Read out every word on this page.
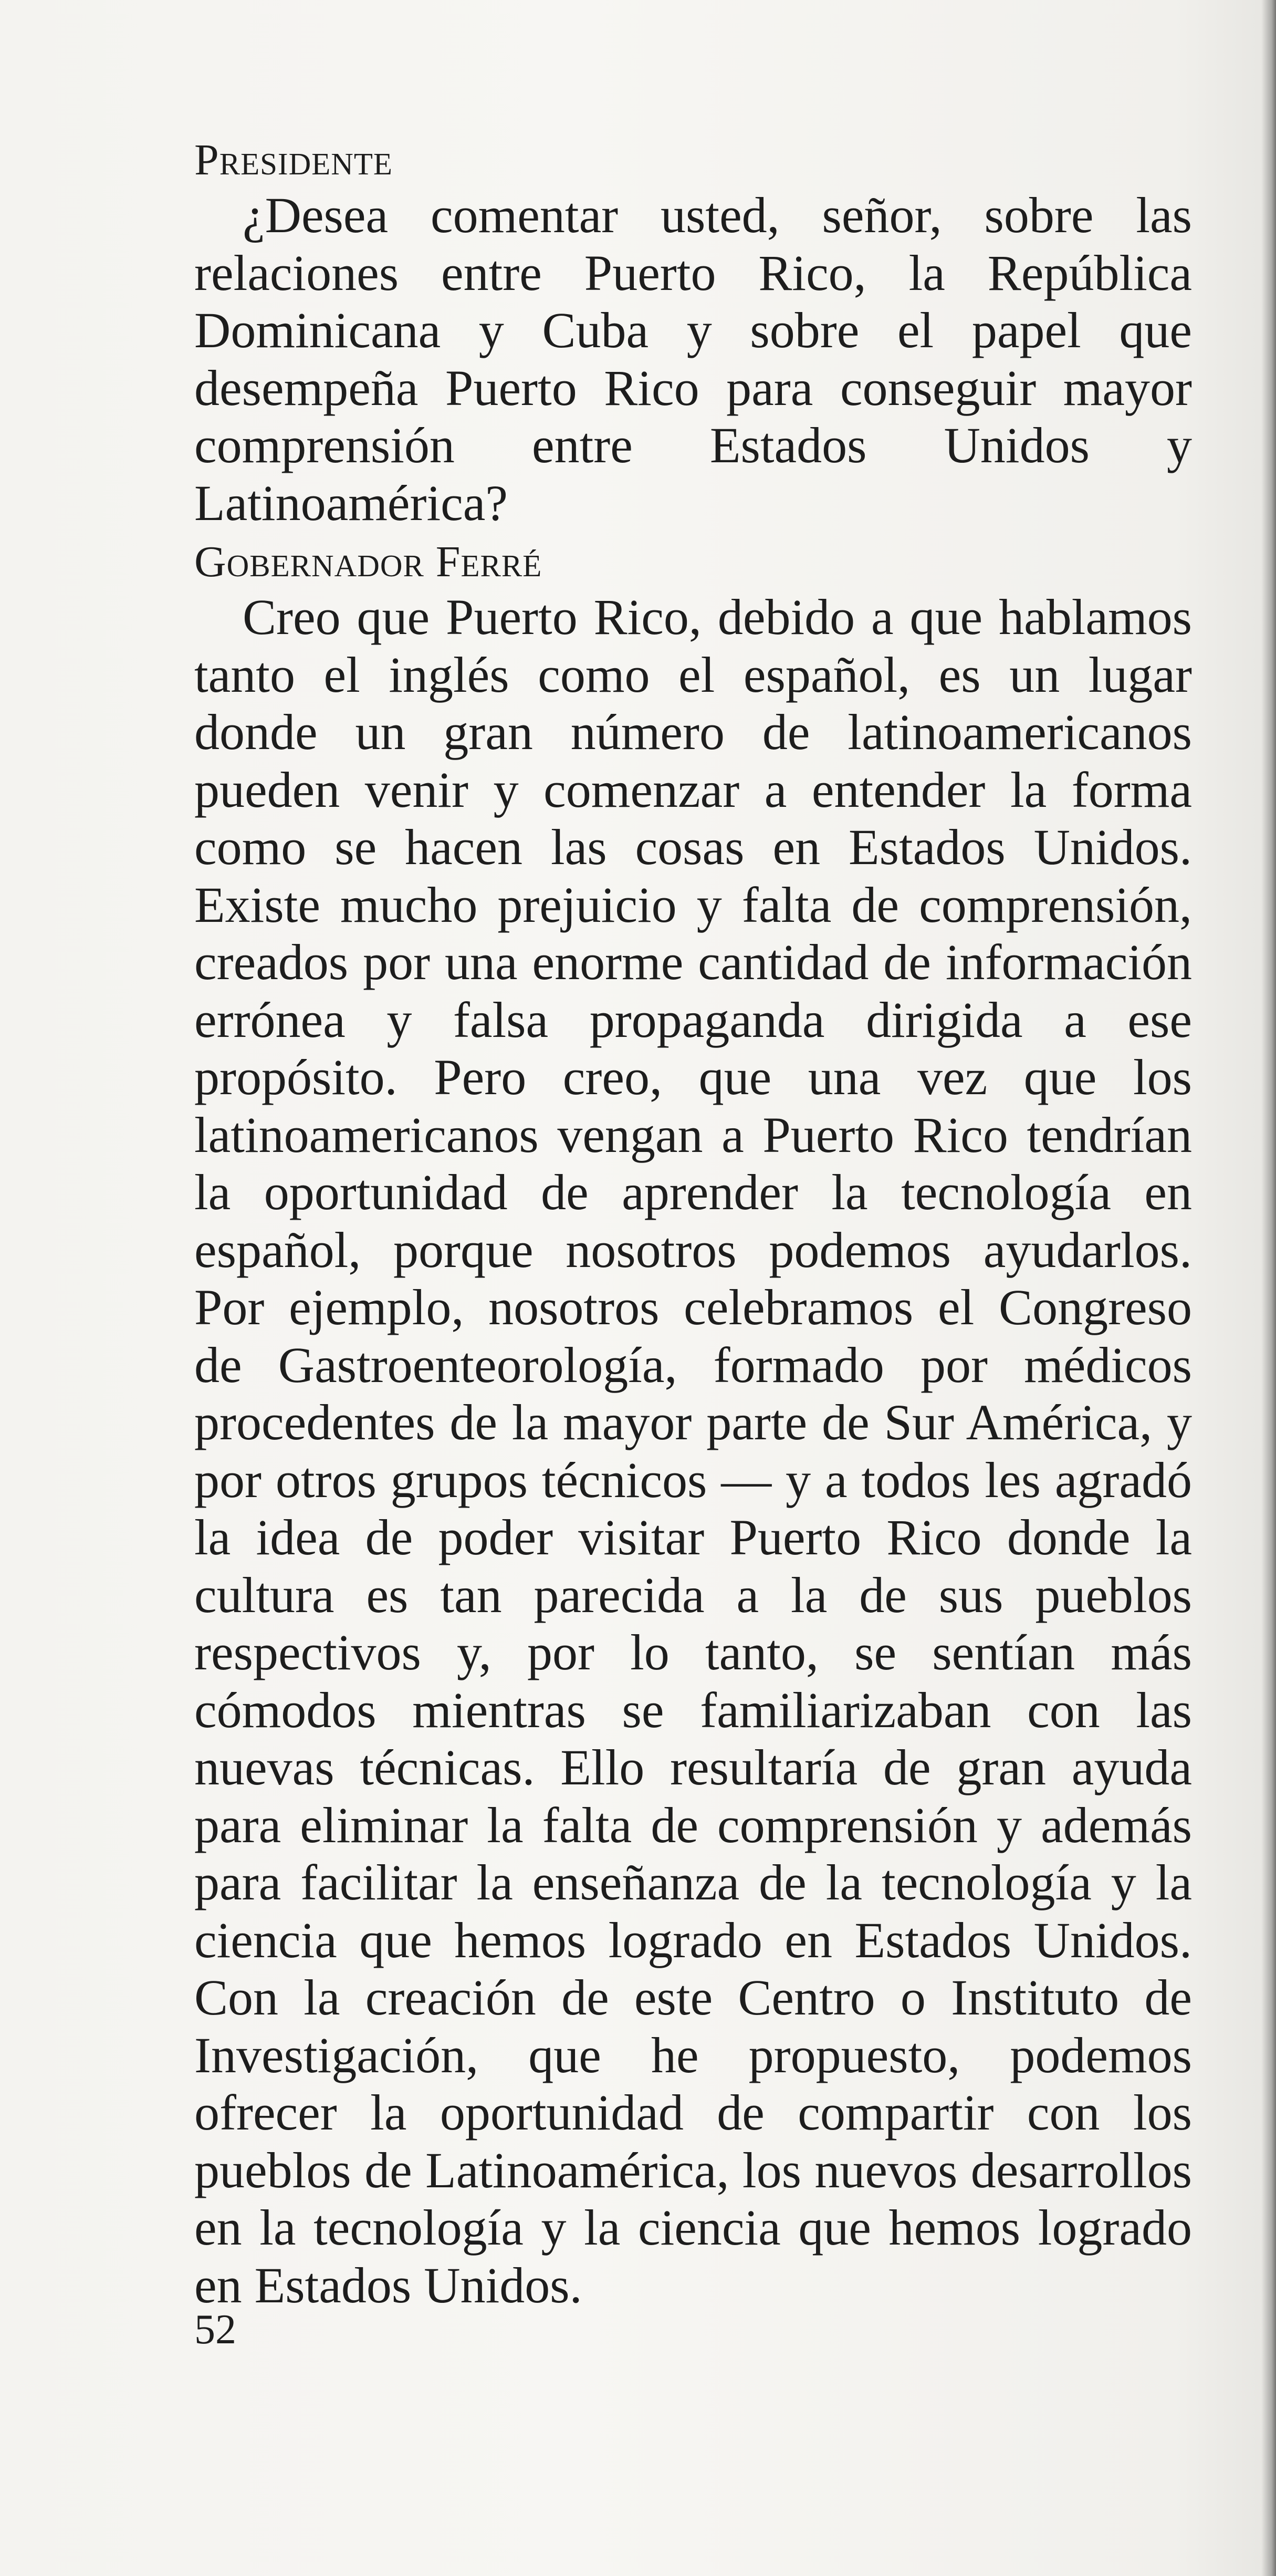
Presidente

¿Desea comentar usted, señor, sobre las relaciones entre Puerto Rico, la República Dominicana y Cuba y sobre el papel que desempeña Puerto Rico para conseguir mayor comprensión entre Estados Unidos y Latinoamérica?

Gobernador Ferré

Creo que Puerto Rico, debido a que hablamos tanto el inglés como el español, es un lugar donde un gran número de latinoamericanos pueden venir y comenzar a entender la forma como se hacen las cosas en Estados Unidos. Existe mucho prejuicio y falta de comprensión, creados por una enorme cantidad de información errónea y falsa propaganda dirigida a ese propósito. Pero creo, que una vez que los latinoamericanos vengan a Puerto Rico tendrían la oportunidad de aprender la tecnología en español, porque nosotros podemos ayudarlos. Por ejemplo, nosotros celebramos el Congreso de Gastroenteorología, formado por médicos procedentes de la mayor parte de Sur América, y por otros grupos técnicos — y a todos les agradó la idea de poder visitar Puerto Rico donde la cultura es tan parecida a la de sus pueblos respectivos y, por lo tanto, se sentían más cómodos mientras se familiarizaban con las nuevas técnicas. Ello resultaría de gran ayuda para eliminar la falta de comprensión y además para facilitar la enseñanza de la tecnología y la ciencia que hemos logrado en Estados Unidos. Con la creación de este Centro o Instituto de Investigación, que he propuesto, podemos ofrecer la oportunidad de compartir con los pueblos de Latinoamérica, los nuevos desarrollos en la tecnología y la ciencia que hemos logrado en Estados Unidos.

52
